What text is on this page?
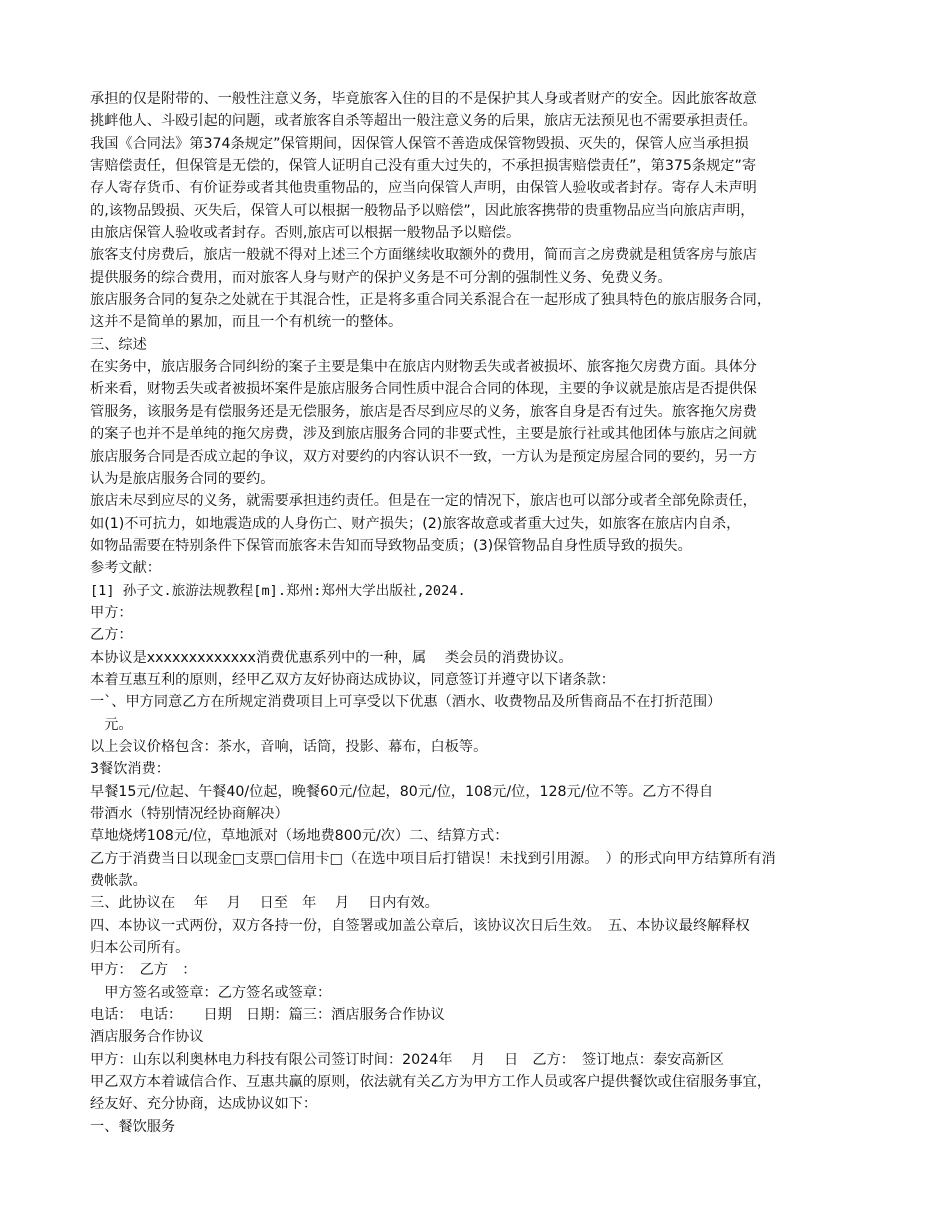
承担的仅是附带的、一般性注意义务，毕竟旅客入住的目的不是保护其人身或者财产的安全。因此旅客故意
挑衅他人、斗殴引起的问题，或者旅客自杀等超出一般注意义务的后果，旅店无法预见也不需要承担责任。
我国《合同法》第374条规定”保管期间，因保管人保管不善造成保管物毁损、灭失的，保管人应当承担损
害赔偿责任，但保管是无偿的，保管人证明自己没有重大过失的，不承担损害赔偿责任”，第375条规定”寄
存人寄存货币、有价证券或者其他贵重物品的，应当向保管人声明，由保管人验收或者封存。寄存人未声明
的,该物品毁损、灭失后，保管人可以根据一般物品予以赔偿”，因此旅客携带的贵重物品应当向旅店声明，
由旅店保管人验收或者封存。否则,旅店可以根据一般物品予以赔偿。
旅客支付房费后，旅店一般就不得对上述三个方面继续收取额外的费用，简而言之房费就是租赁客房与旅店
提供服务的综合费用，而对旅客人身与财产的保护义务是不可分割的强制性义务、免费义务。
旅店服务合同的复杂之处就在于其混合性，正是将多重合同关系混合在一起形成了独具特色的旅店服务合同，
这并不是简单的累加，而且一个有机统一的整体。
三、综述
在实务中，旅店服务合同纠纷的案子主要是集中在旅店内财物丢失或者被损坏、旅客拖欠房费方面。具体分
析来看，财物丢失或者被损坏案件是旅店服务合同性质中混合合同的体现，主要的争议就是旅店是否提供保
管服务，该服务是有偿服务还是无偿服务，旅店是否尽到应尽的义务，旅客自身是否有过失。旅客拖欠房费
的案子也并不是单纯的拖欠房费，涉及到旅店服务合同的非要式性，主要是旅行社或其他团体与旅店之间就
旅店服务合同是否成立起的争议，双方对要约的内容认识不一致，一方认为是预定房屋合同的要约，另一方
认为是旅店服务合同的要约。
旅店未尽到应尽的义务，就需要承担违约责任。但是在一定的情况下，旅店也可以部分或者全部免除责任，
如(1)不可抗力，如地震造成的人身伤亡、财产损失；(2)旅客故意或者重大过失，如旅客在旅店内自杀，
如物品需要在特别条件下保管而旅客未告知而导致物品变质；(3)保管物品自身性质导致的损失。
参考文献：
[1] 孙子文.旅游法规教程[m].郑州:郑州大学出版社,2024.
甲方：
乙方：
本协议是xxxxxxxxxxxxx消费优惠系列中的一种，属　 类会员的消费协议。
本着互惠互利的原则，经甲乙双方友好协商达成协议，同意签订并遵守以下诸条款：
一`、甲方同意乙方在所规定消费项目上可享受以下优惠（酒水、收费物品及所售商品不在打折范围）
　元。
以上会议价格包含：茶水，音响，话筒，投影、幕布，白板等。
3餐饮消费：
早餐15元/位起、午餐40/位起，晚餐60元/位起，80元/位，108元/位，128元/位不等。乙方不得自
带酒水（特别情况经协商解决）
草地烧烤108元/位，草地派对（场地费800元/次）二、结算方式：
乙方于消费当日以现金□支票□信用卡□（在选中项目后打错误！未找到引用源。　）的形式向甲方结算所有消
费帐款。
三、此协议在　 年　 月　 日至　年　 月　 日内有效。
四、本协议一式两份，双方各持一份，自签署或加盖公章后，该协议次日后生效。　五、本协议最终解释权
归本公司所有。
甲方：　乙方　：
　甲方签名或签章：乙方签名或签章：
电话：　电话：　　日期　日期：篇三：酒店服务合作协议
酒店服务合作协议
甲方：山东以利奥林电力科技有限公司签订时间：2024年　 月　 日　乙方：　签订地点：泰安高新区
甲乙双方本着诚信合作、互惠共赢的原则，依法就有关乙方为甲方工作人员或客户提供餐饮或住宿服务事宜，
经友好、充分协商，达成协议如下：
一、餐饮服务
